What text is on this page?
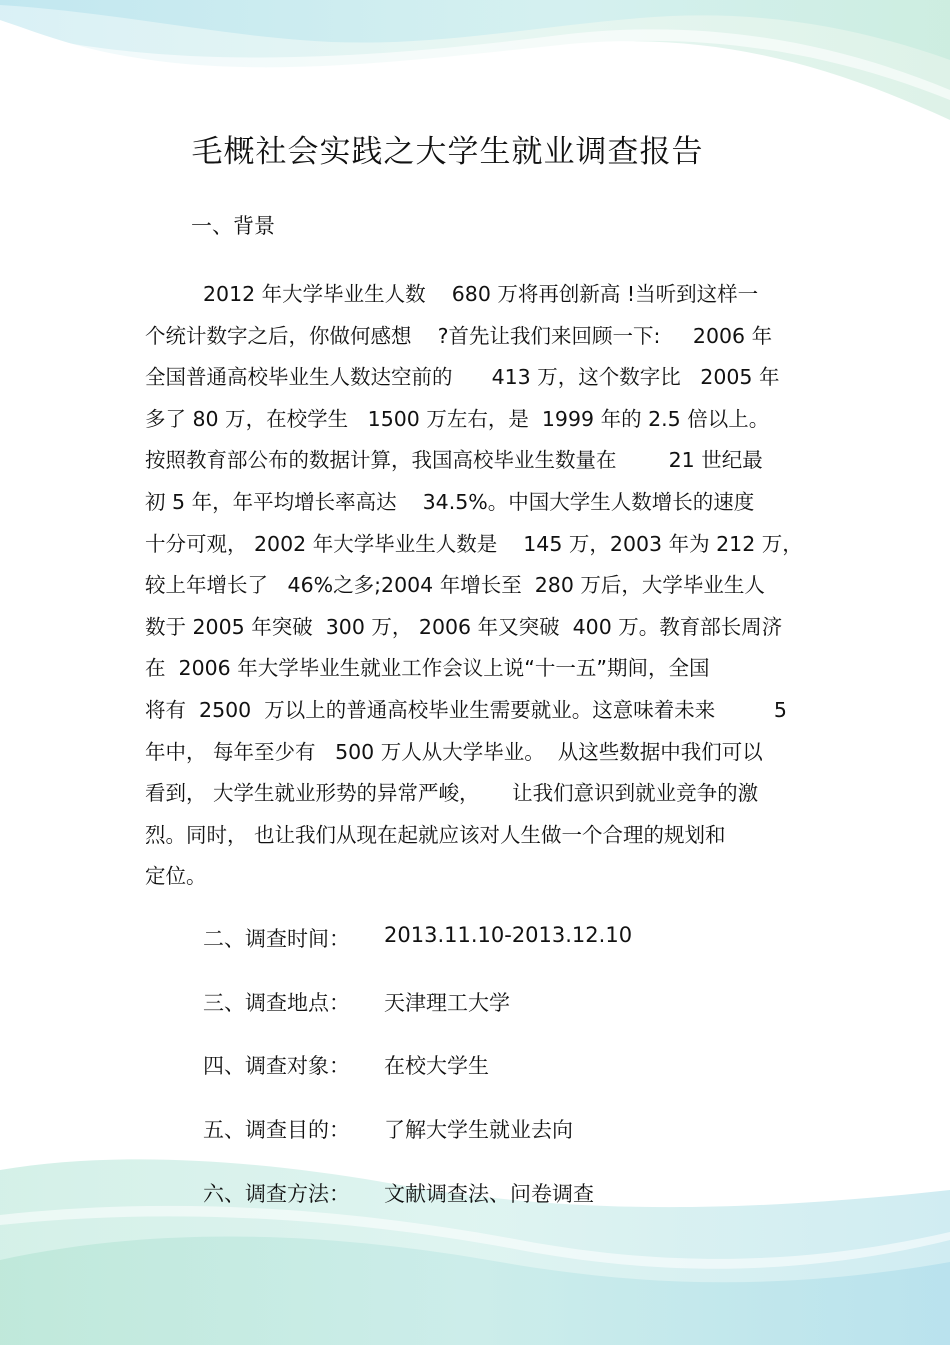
毛概社会实践之大学生就业调查报告
一、背景
2012 年大学毕业生人数    680 万将再创新高 !当听到这样一
个统计数字之后，你做何感想    ?首先让我们来回顾一下:     2006 年
全国普通高校毕业生人数达空前的      413 万，这个数字比   2005 年
多了 80 万，在校学生   1500 万左右，是  1999 年的 2.5 倍以上。
按照教育部公布的数据计算，我国高校毕业生数量在        21 世纪最
初 5 年，年平均增长率高达    34.5%。中国大学生人数增长的速度
十分可观， 2002 年大学毕业生人数是    145 万，2003 年为 212 万，
较上年增长了   46%之多;2004 年增长至  280 万后，大学毕业生人
数于 2005 年突破  300 万， 2006 年又突破  400 万。教育部长周济
在  2006 年大学毕业生就业工作会议上说“十一五”期间，全国
将有  2500  万以上的普通高校毕业生需要就业。这意味着未来         5
年中， 每年至少有   500 万人从大学毕业。  从这些数据中我们可以
看到， 大学生就业形势的异常严峻，     让我们意识到就业竞争的激
烈。同时， 也让我们从现在起就应该对人生做一个合理的规划和
定位。
二、调查时间：	2013.11.10-2013.12.10
三、调查地点：	天津理工大学
四、调查对象：	在校大学生
五、调查目的：	了解大学生就业去向
六、调查方法：	文献调查法、问卷调查
